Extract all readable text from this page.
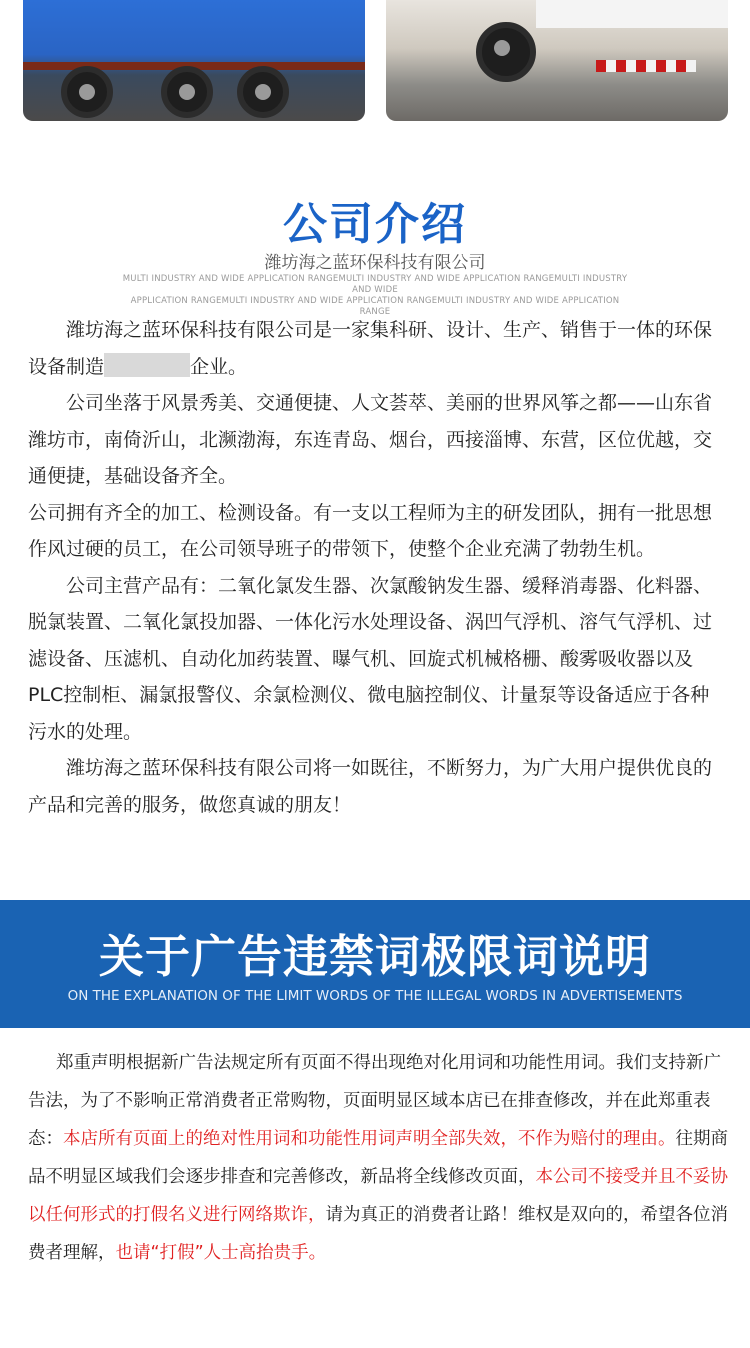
公司介绍
潍坊海之蓝环保科技有限公司
MULTI INDUSTRY AND WIDE APPLICATION RANGEMULTI INDUSTRY AND WIDE APPLICATION RANGEMULTI INDUSTRY AND WIDE
APPLICATION RANGEMULTI INDUSTRY AND WIDE APPLICATION RANGEMULTI INDUSTRY AND WIDE APPLICATION RANGE

潍坊海之蓝环保科技有限公司是一家集科研、设计、生产、销售于一体的环保设备制造	企业。

公司坐落于风景秀美、交通便捷、人文荟萃、美丽的世界风筝之都——山东省潍坊市，南倚沂山，北濒渤海，东连青岛、烟台，西接淄博、东营，区位优越，交通便捷，基础设备齐全。

公司拥有齐全的加工、检测设备。有一支以工程师为主的研发团队，拥有一批思想作风过硬的员工，在公司领导班子的带领下，使整个企业充满了勃勃生机。

公司主营产品有：二氧化氯发生器、次氯酸钠发生器、缓释消毒器、化料器、脱氯装置、二氧化氯投加器、一体化污水处理设备、涡凹气浮机、溶气气浮机、过滤设备、压滤机、自动化加药装置、曝气机、回旋式机械格栅、酸雾吸收器以及PLC控制柜、漏氯报警仪、余氯检测仪、微电脑控制仪、计量泵等设备适应于各种污水的处理。

潍坊海之蓝环保科技有限公司将一如既往，不断努力，为广大用户提供优良的产品和完善的服务，做您真诚的朋友！

关于广告违禁词极限词说明
ON THE EXPLANATION OF THE LIMIT WORDS OF THE ILLEGAL WORDS IN ADVERTISEMENTS

郑重声明根据新广告法规定所有页面不得出现绝对化用词和功能性用词。我们支持新广告法，为了不影响正常消费者正常购物，页面明显区域本店已在排查修改，并在此郑重表态：本店所有页面上的绝对性用词和功能性用词声明全部失效，不作为赔付的理由。往期商品不明显区域我们会逐步排查和完善修改，新品将全线修改页面，本公司不接受并且不妥协以任何形式的打假名义进行网络欺诈，请为真正的消费者让路！维权是双向的，希望各位消费者理解，也请“打假”人士高抬贵手。
